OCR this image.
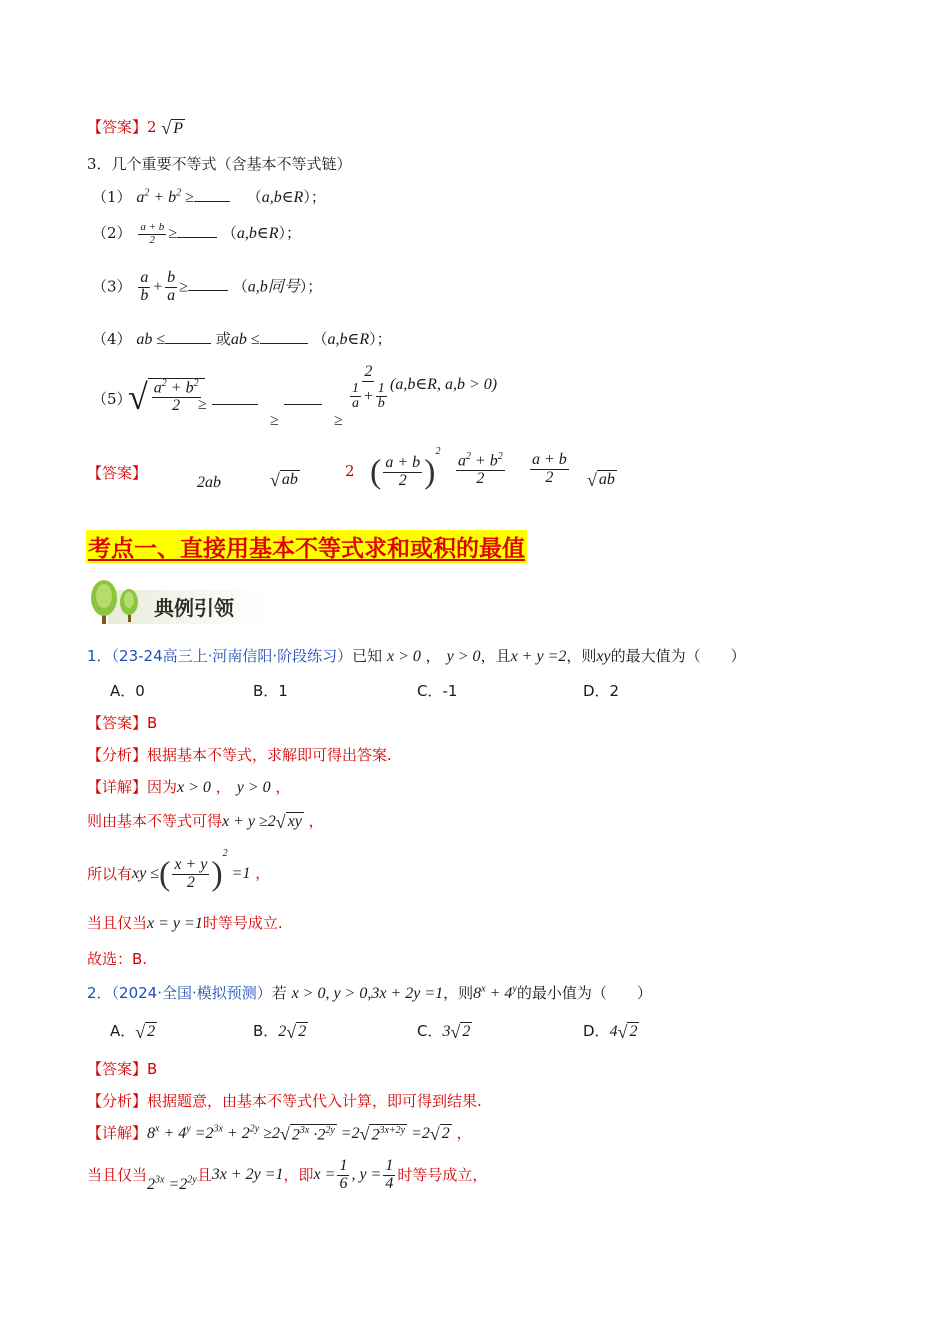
【答案】2 √ P
3．几个重要不等式（含基本不等式链）
（1） $a^2 + b^2$ ≥	（a,b∈R）；
$(2) \frac{a + b}{2}$ ≥	（a,b∈R）；
$(3) \frac{a}{b} + \frac{b}{a}$ ≥	（a,b同号）；
（4） ab ≤	或ab ≤	（a,b∈R）；
（5）
√ $\frac{a^2 + b^2}{2}$
≥
≥	≥
$\frac{2}{\frac{1}{a} + \frac{1}{b}}$ (a,b∈R, a,b > 0)
【答案】
2ab	√ ab	2 ( $\frac{a + b}{2} )^2$
$\frac{a^2 + b^2}{2} \frac{a + b}{2}$ √ ab
考点一、直接用基本不等式求和或积的最值
典例引领
1．（23-24高三上·河南信阳·阶段练习）已知 x > 0 ， y > 0，且x + y =2，则xy的最大值为（　　）
A．0	B．1	C．-1	D．2
【答案】B
【分析】根据基本不等式，求解即可得出答案.
【详解】因为x > 0 ， y > 0 ，
则由基本不等式可得x + y ≥2 √ xy ，
所以有xy ≤( $\frac{x + y}{2} )^2 =1$ ，
当且仅当x = y =1时等号成立.
故选：B.
2．（2024·全国·模拟预测）若 x > 0, y > 0,3x + 2y =1，则$8^x + 4^y$的最小值为（　　）
A． √ 2	B．2 √ 2	C．3 √ 2	D．4 √ 2
【答案】B
【分析】根据题意，由基本不等式代入计算，即可得到结果.
【详解】$8^x + 4^y =2^{3x} + 2^{2y} \ge 2$ √ $2^{3x} \cdot 2^{2y} =2$ √ $2^{3x+2y} =2$ √ 2 ，
当且仅当$2^{3x} =2^{2y}$且3x + 2y =1，即$x = \frac{1}{6}$ , $y = \frac{1}{4}$ 时等号成立，
